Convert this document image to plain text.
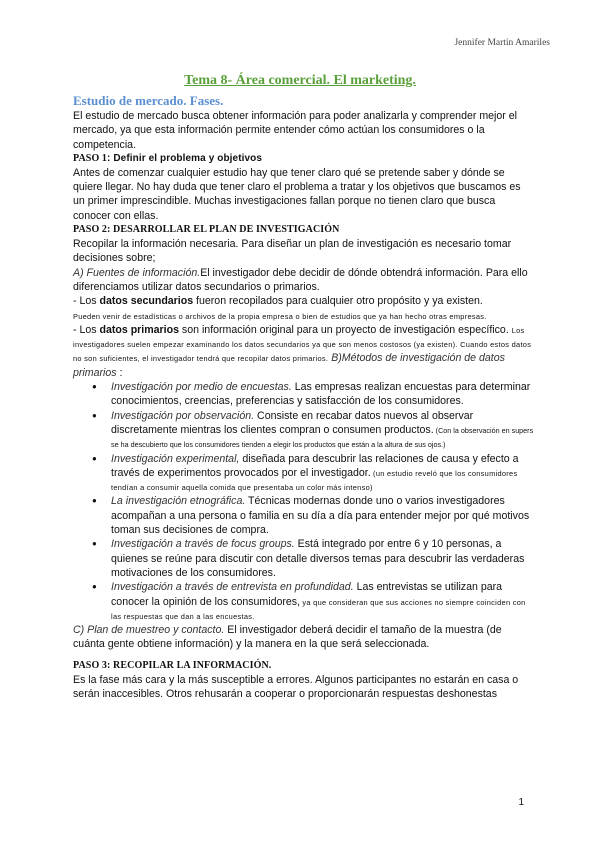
Jennifer Martín Amariles
Tema 8- Área comercial. El marketing.
Estudio de mercado. Fases.

El estudio de mercado busca obtener información para poder analizarla y comprender mejor el mercado, ya que esta información permite entender cómo actúan los consumidores o la competencia.

PASO 1: Definir el problema y objetivos

Antes de comenzar cualquier estudio hay que tener claro qué se pretende saber y dónde se quiere llegar. No hay duda que tener claro el problema a tratar y los objetivos que buscamos es un primer imprescindible. Muchas investigaciones fallan porque no tienen claro que busca conocer con ellas.

PASO 2: DESARROLLAR EL PLAN DE INVESTIGACIÓN

Recopilar la información necesaria. Para diseñar un plan de investigación es necesario tomar decisiones sobre;

A) Fuentes de información.El investigador debe decidir de dónde obtendrá información. Para ello diferenciamos utilizar datos secundarios o primarios.

- Los datos secundarios fueron recopilados para cualquier otro propósito y ya existen.
Pueden venir de estadísticas o archivos de la propia empresa o bien de estudios que ya han hecho otras empresas.

- Los datos primarios son información original para un proyecto de investigación específico. Los investigadores suelen empezar examinando los datos secundarios ya que son menos costosos (ya existen). Cuando estos datos no son suficientes, el investigador tendrá que recopilar datos primarios. B)Métodos de investigación de datos primarios :

● Investigación por medio de encuestas. Las empresas realizan encuestas para determinar conocimientos, creencias, preferencias y satisfacción de los consumidores.
● Investigación por observación. Consiste en recabar datos nuevos al observar discretamente mientras los clientes compran o consumen productos. (Con la observación en supers se ha descubierto que los consumidores tienden a elegir los productos que están a la altura de sus ojos.)
● Investigación experimental, diseñada para descubrir las relaciones de causa y efecto a través de experimentos provocados por el investigador. (un estudio reveló que los consumidores tendían a consumir aquella comida que presentaba un color más intenso)
● La investigación etnográfica. Técnicas modernas donde uno o varios investigadores acompañan a una persona o familia en su día a día para entender mejor por qué motivos toman sus decisiones de compra.
● Investigación a través de focus groups. Está integrado por entre 6 y 10 personas, a quienes se reúne para discutir con detalle diversos temas para descubrir las verdaderas motivaciones de los consumidores.
● Investigación a través de entrevista en profundidad. Las entrevistas se utilizan para conocer la opinión de los consumidores, ya que consideran que sus acciones no siempre coinciden con las respuestas que dan a las encuestas.

C) Plan de muestreo y contacto. El investigador deberá decidir el tamaño de la muestra (de cuánta gente obtiene información) y la manera en la que será seleccionada.

PASO 3: RECOPILAR LA INFORMACIÓN.

Es la fase más cara y la más susceptible a errores. Algunos participantes no estarán en casa o serán inaccesibles. Otros rehusarán a cooperar o proporcionarán respuestas deshonestas

1
